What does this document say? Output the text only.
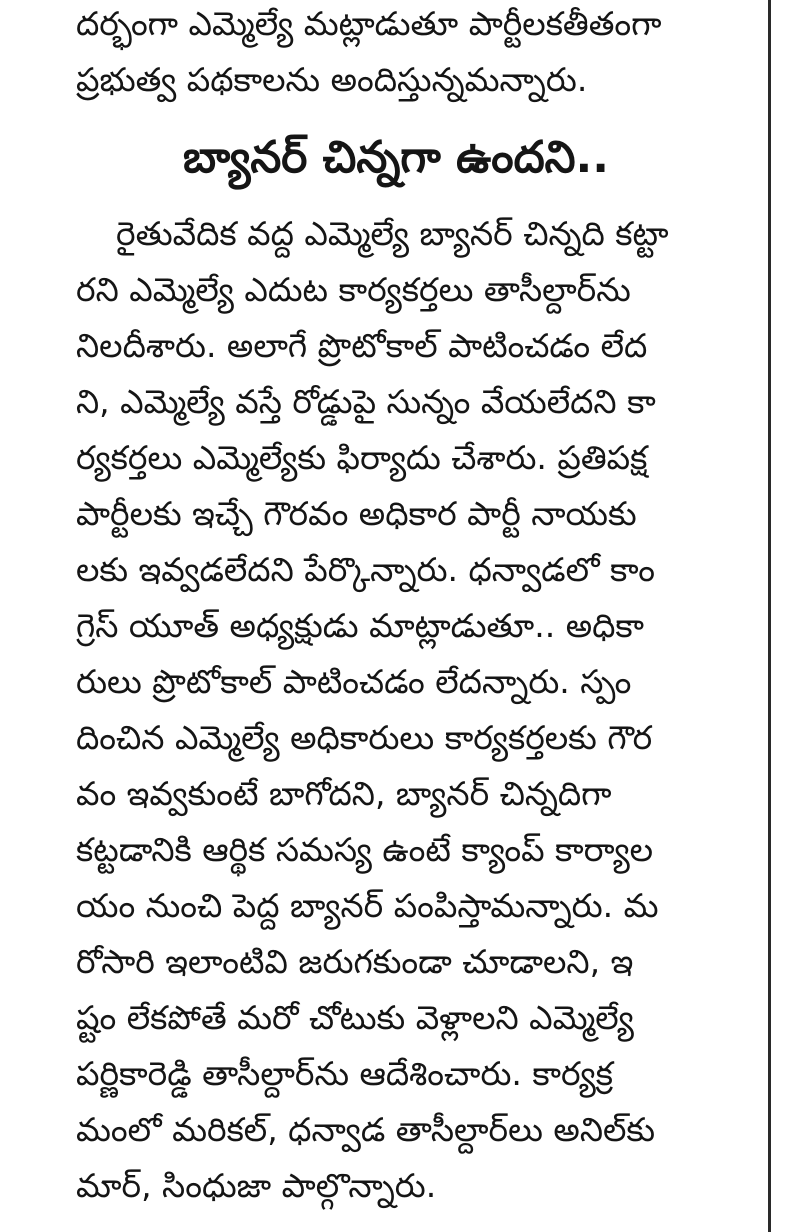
దర్భంగా ఎమ్మెల్యే మట్లాడుతూ పార్టీలకతీతంగా
ప్రభుత్వ పథకాలను అందిస్తున్నమన్నారు.
బ్యానర్ చిన్నగా ఉందని..
రైతువేదిక వద్ద ఎమ్మెల్యే బ్యానర్ చిన్నది కట్టా
రని ఎమ్మెల్యే ఎదుట కార్యకర్తలు తాసీల్దార్‌ను
నిలదీశారు. అలాగే ప్రొటోకాల్ పాటించడం లేద
ని, ఎమ్మెల్యే వస్తే రోడ్డుపై సున్నం వేయలేదని కా
ర్యకర్తలు ఎమ్మెల్యేకు ఫిర్యాదు చేశారు. ప్రతిపక్ష
పార్టీలకు ఇచ్చే గౌరవం అధికార పార్టీ నాయకు
లకు ఇవ్వడలేదని పేర్కొన్నారు. ధన్వాడలో కాం
గ్రెస్ యూత్ అధ్యక్షుడు మాట్లాడుతూ.. అధికా
రులు ప్రొటోకాల్ పాటించడం లేదన్నారు. స్పం
దించిన ఎమ్మెల్యే అధికారులు కార్యకర్తలకు గౌర
వం ఇవ్వకుంటే బాగోదని, బ్యానర్ చిన్నదిగా
కట్టడానికి ఆర్థిక సమస్య ఉంటే క్యాంప్ కార్యాల
యం నుంచి పెద్ద బ్యానర్ పంపిస్తామన్నారు. మ
రోసారి ఇలాంటివి జరుగకుండా చూడాలని, ఇ
ష్టం లేకపోతే మరో చోటుకు వెళ్లాలని ఎమ్మెల్యే
పర్ణికారెడ్డి తాసీల్దార్‌ను ఆదేశించారు. కార్యక్ర
మంలో మరికల్, ధన్వాడ తాసీల్దార్‌లు అనిల్‌కు
మార్, సింధుజా పాల్గొన్నారు.
